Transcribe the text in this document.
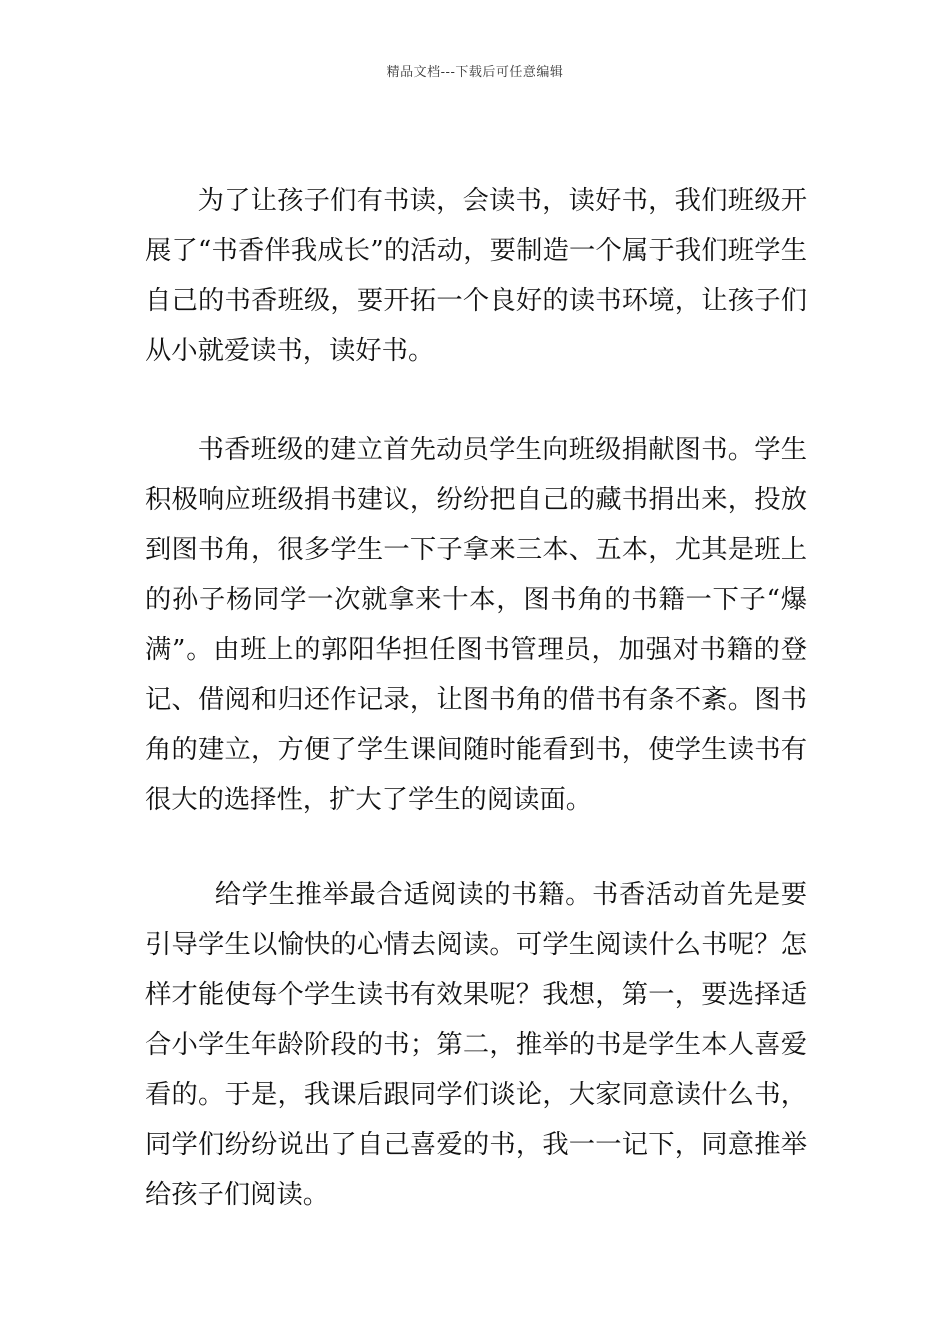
精品文档---下载后可任意编辑

为了让孩子们有书读，会读书，读好书，我们班级开展了“书香伴我成长”的活动，要制造一个属于我们班学生自己的书香班级，要开拓一个良好的读书环境，让孩子们从小就爱读书，读好书。

书香班级的建立首先动员学生向班级捐献图书。学生积极响应班级捐书建议，纷纷把自己的藏书捐出来，投放到图书角，很多学生一下子拿来三本、五本，尤其是班上的孙子杨同学一次就拿来十本，图书角的书籍一下子“爆满”。由班上的郭阳华担任图书管理员，加强对书籍的登记、借阅和归还作记录，让图书角的借书有条不紊。图书角的建立，方便了学生课间随时能看到书，使学生读书有很大的选择性，扩大了学生的阅读面。

给学生推举最合适阅读的书籍。书香活动首先是要引导学生以愉快的心情去阅读。可学生阅读什么书呢？怎样才能使每个学生读书有效果呢？我想，第一，要选择适合小学生年龄阶段的书；第二，推举的书是学生本人喜爱看的。于是，我课后跟同学们谈论，大家同意读什么书，同学们纷纷说出了自己喜爱的书，我一一记下，同意推举给孩子们阅读。
